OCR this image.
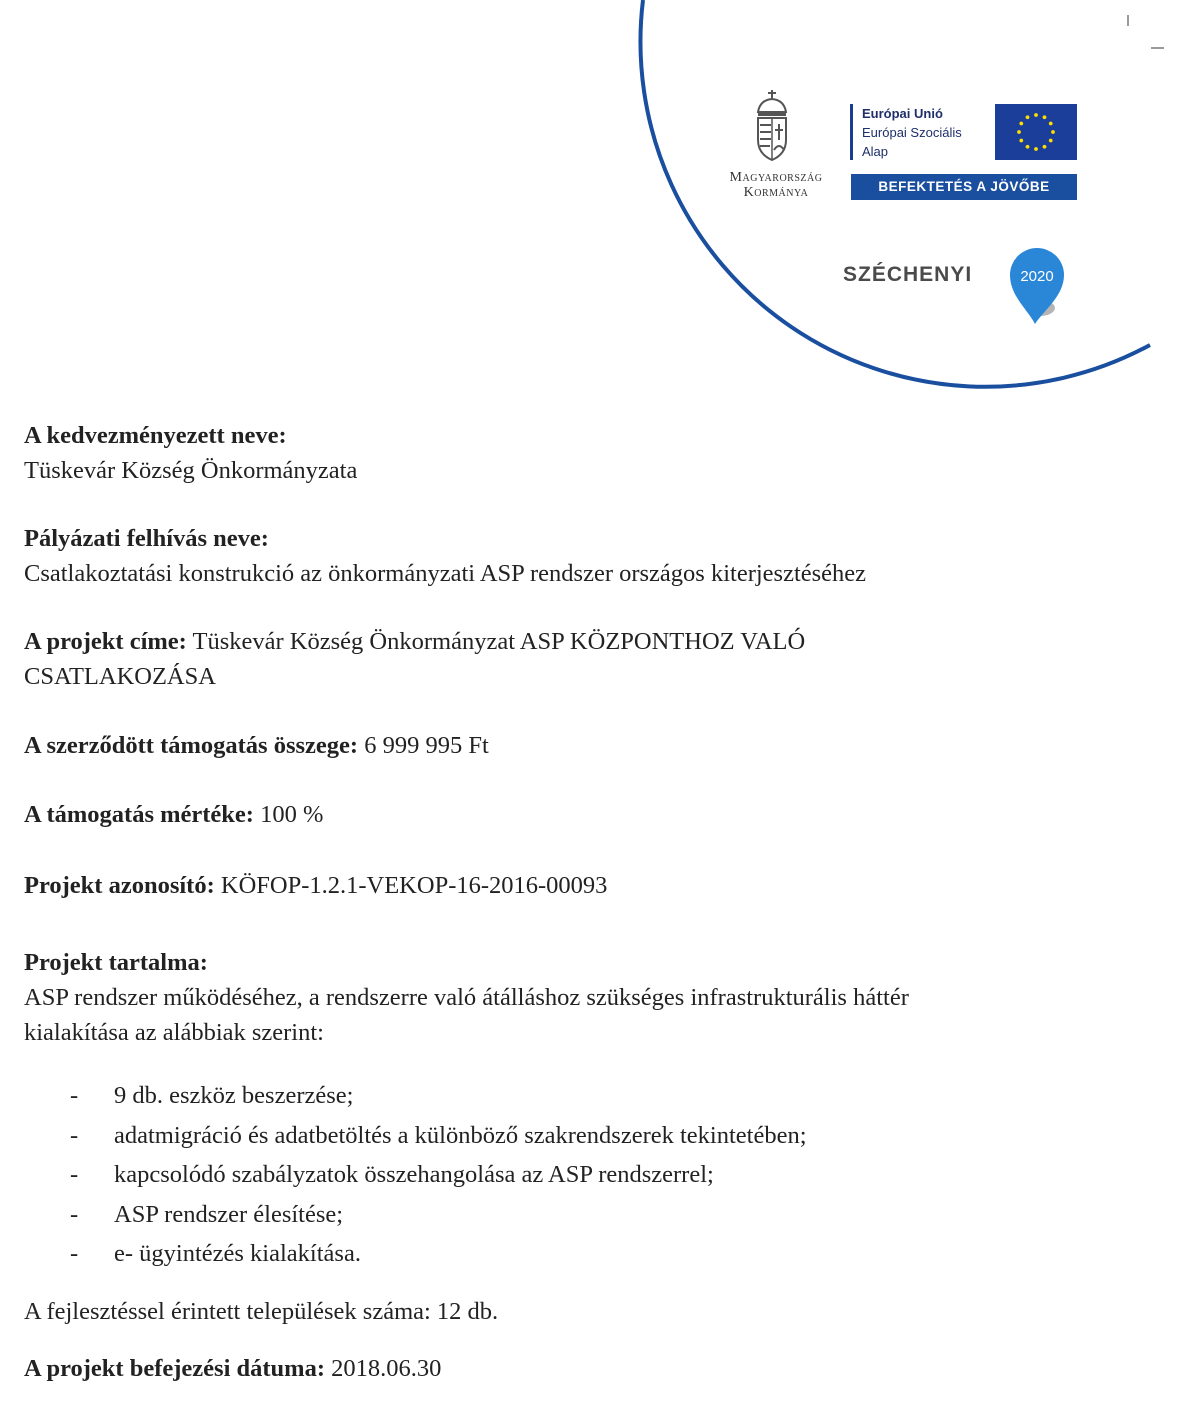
Magyarország
Kormánya
Európai Unió
Európai Szociális
Alap
BEFEKTETÉS A JÖVŐBE
SZÉCHENYI	2020
A kedvezményezett neve:
Tüskevár Község Önkormányzata
Pályázati felhívás neve:
Csatlakoztatási konstrukció az önkormányzati ASP rendszer országos kiterjesztéséhez
A projekt címe: Tüskevár Község Önkormányzat ASP KÖZPONTHOZ VALÓ
CSATLAKOZÁSA
A szerződött támogatás összege: 6 999 995 Ft
A támogatás mértéke: 100 %
Projekt azonosító: KÖFOP-1.2.1-VEKOP-16-2016-00093
Projekt tartalma:
ASP rendszer működéséhez, a rendszerre való átálláshoz szükséges infrastrukturális háttér
kialakítása az alábbiak szerint:
-	9 db. eszköz beszerzése;
-	adatmigráció és adatbetöltés a különböző szakrendszerek tekintetében;
-	kapcsolódó szabályzatok összehangolása az ASP rendszerrel;
-	ASP rendszer élesítése;
-	e- ügyintézés kialakítása.
A fejlesztéssel érintett települések száma: 12 db.
A projekt befejezési dátuma: 2018.06.30
